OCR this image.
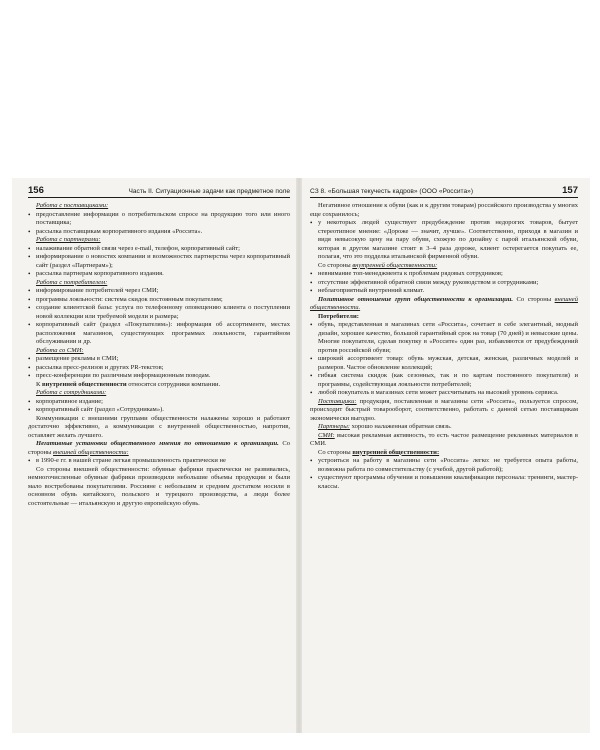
156	Часть II. Ситуационные задачи как предметное поле

Работа с поставщиками:

• предоставление информации о потребительском спросе на продукцию того или иного поставщика;
• рассылка поставщикам корпоративного издания «Россита».

Работа с партнерами:

• налаживание обратной связи через e-mail, телефон, корпоративный сайт;
• информирование о новостях компании и возможностях партнерства через корпоративный сайт (раздел «Партнерам»);
• рассылка партнерам корпоративного издания.

Работа с потребителем:

• информирование потребителей через СМИ;
• программы лояльности: система скидок постоянным покупателям;
• создание клиентской базы: услуга по телефонному оповещению клиента о поступлении новой коллекции или требуемой модели и размера;
• корпоративный сайт (раздел «Покупателям»): информация об ассортименте, местах расположения магазинов, существующих программах лояльности, гарантийном обслуживании и др.

Работа со СМИ:

• размещение рекламы в СМИ;
• рассылка пресс-релизов и других PR-текстов;
• пресс-конференции по различным информационным поводам.

К внутренней общественности относятся сотрудники компании.

Работа с сотрудниками:

• корпоративное издание;
• корпоративный сайт (раздел «Сотрудникам»).

Коммуникации с внешними группами общественности налажены хорошо и работают достаточно эффективно, а коммуникация с внутренней общественностью, напротив, оставляет желать лучшего.

Негативные установки общественного мнения по отношению к организации. Со стороны внешней общественности:

• в 1990-е гг. в нашей стране легкая промышленность практически не

Со стороны внешней общественности: обувные фабрики практически не развивались, немногочисленные обувные фабрики производили небольшие объемы продукции и были мало востребованы покупателями. Россияне с небольшим и средним достатком носили в основном обувь китайского, польского и турецкого производства, а люди более состоятельные — итальянскую и другую европейскую обувь.

СЗ 8. «Большая текучесть кадров» (ООО «Россита»)	157

Негативное отношение к обуви (как и к другим товарам) российского производства у многих еще сохранилось;

• у некоторых людей существует предубеждение против недорогих товаров, бытует стереотипное мнение: «Дороже — значит, лучше». Соответственно, приходя в магазин и видя невысокую цену на пару обуви, схожую по дизайну с парой итальянской обуви, которая в другом магазине стоит в 3–4 раза дороже, клиент остерегается покупать ее, полагая, что это подделка итальянской фирменной обуви.

Со стороны внутренней общественности:

• невнимание топ-менеджмента к проблемам рядовых сотрудников;
• отсутствие эффективной обратной связи между руководством и сотрудниками;
• неблагоприятный внутренний климат.

Позитивное отношение групп общественности к организации. Со стороны внешней общественности.

Потребители:

• обувь, представленная в магазинах сети «Россита», сочетает в себе элегантный, модный дизайн, хорошее качество, большой гарантийный срок на товар (70 дней) и невысокие цены. Многие покупатели, сделав покупку в «Россите» один раз, избавляются от предубеждений против российской обуви;
• широкий ассортимент товар: обувь мужская, детская, женская, различных моделей и размеров. Частое обновление коллекций;
• гибкая система скидок (как сезонных, так и по картам постоянного покупателя) и программы, содействующая лояльности потребителей;
• любой покупатель в магазинах сети может рассчитывать на высокий уровень сервиса.

Поставщики: продукция, поставленная в магазины сети «Россита», пользуется спросом, происходит быстрый товарооборот, соответственно, работать с данной сетью поставщикам экономически выгодно.

Партнеры: хорошо налаженная обратная связь.

СМИ: высокая рекламная активность, то есть частое размещение рекламных материалов в СМИ.

Со стороны внутренней общественности:

• устроиться на работу в магазины сети «Россита» легко: не требуется опыта работы, возможна работа по совместительству (с учебой, другой работой);
• существуют программы обучения и повышения квалификации персонала: тренинги, мастер-классы.
